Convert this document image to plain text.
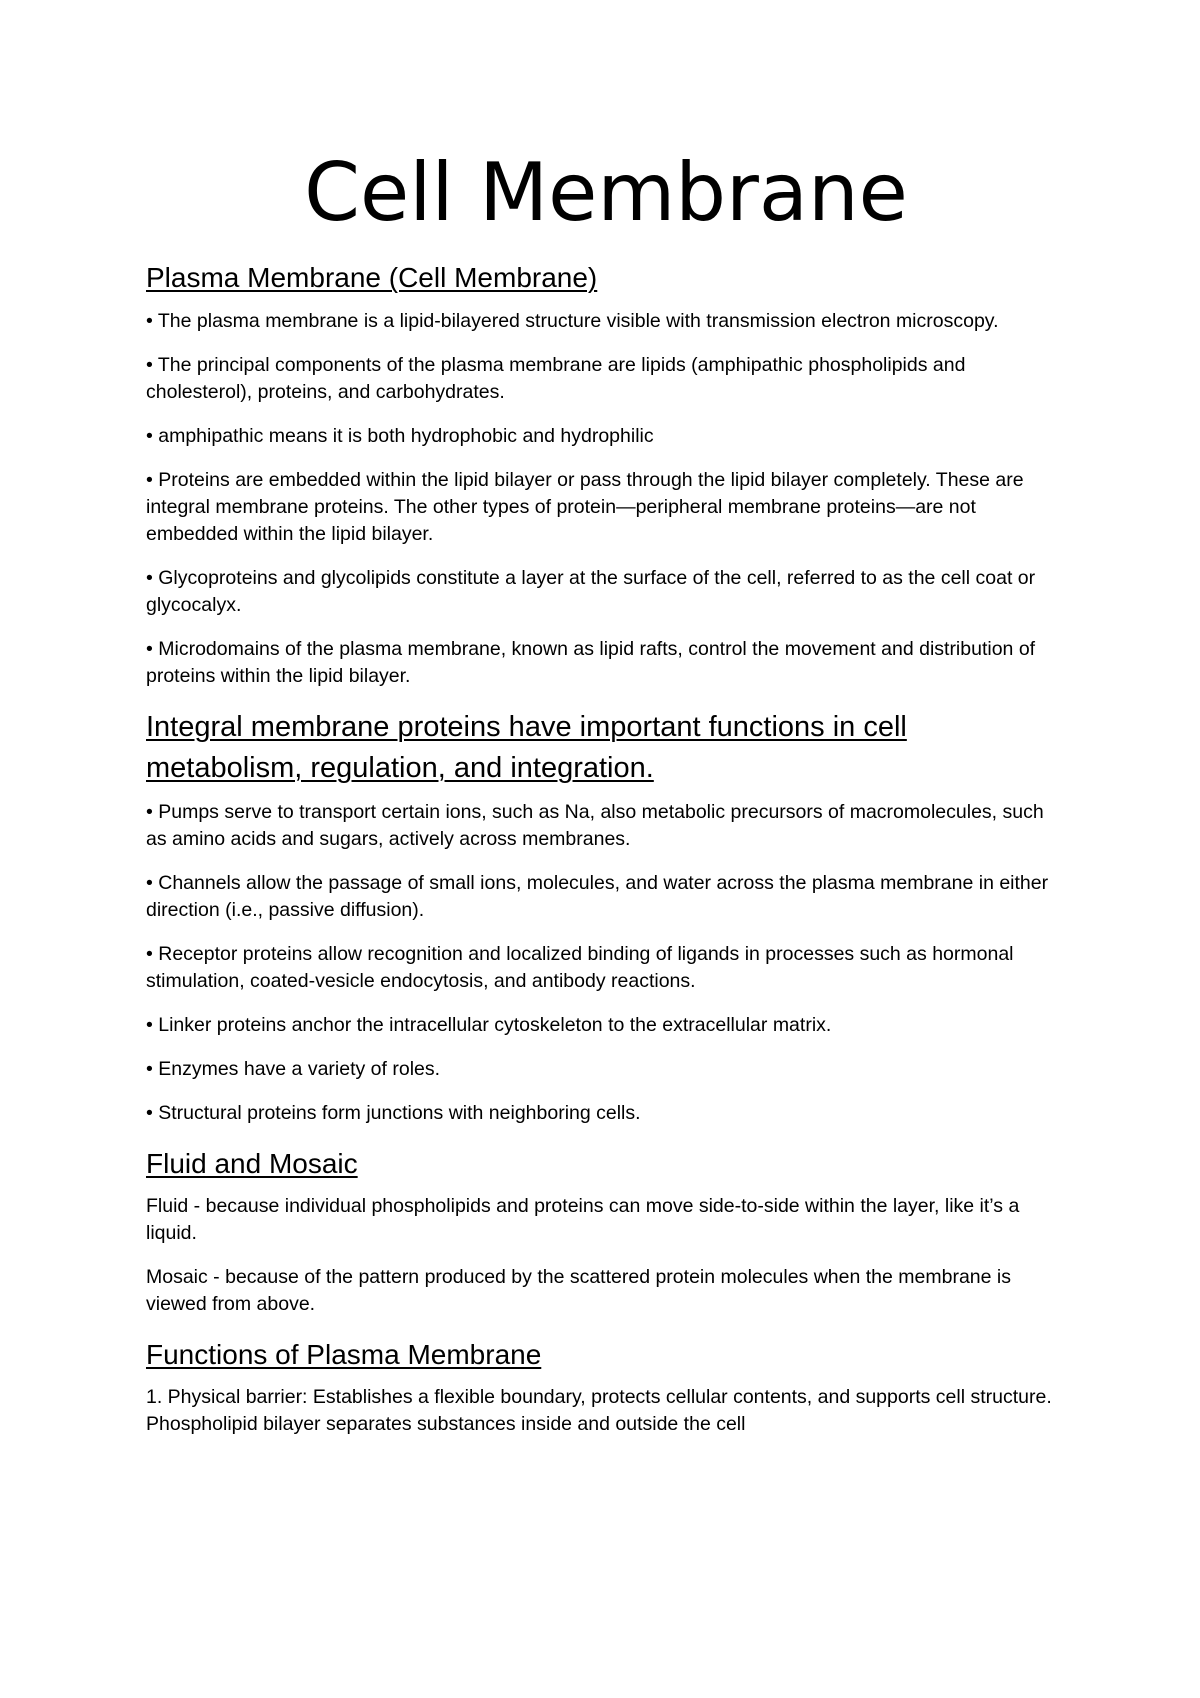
Cell Membrane
Plasma Membrane (Cell Membrane)

• The plasma membrane is a lipid-bilayered structure visible with transmission electron microscopy.

• The principal components of the plasma membrane are lipids (amphipathic phospholipids and cholesterol), proteins, and carbohydrates.

• amphipathic means it is both hydrophobic and hydrophilic

• Proteins are embedded within the lipid bilayer or pass through the lipid bilayer completely. These are integral membrane proteins. The other types of protein—peripheral membrane proteins—are not embedded within the lipid bilayer.

• Glycoproteins and glycolipids constitute a layer at the surface of the cell, referred to as the cell coat or glycocalyx.

• Microdomains of the plasma membrane, known as lipid rafts, control the movement and distribution of proteins within the lipid bilayer.

Integral membrane proteins have important functions in cell metabolism, regulation, and integration.

• Pumps serve to transport certain ions, such as Na, also metabolic precursors of macromolecules, such as amino acids and sugars, actively across membranes.

• Channels allow the passage of small ions, molecules, and water across the plasma membrane in either direction (i.e., passive diffusion).

• Receptor proteins allow recognition and localized binding of ligands in processes such as hormonal stimulation, coated-vesicle endocytosis, and antibody reactions.

• Linker proteins anchor the intracellular cytoskeleton to the extracellular matrix.

• Enzymes have a variety of roles.

• Structural proteins form junctions with neighboring cells.

Fluid and Mosaic

Fluid - because individual phospholipids and proteins can move side-to-side within the layer, like it’s a liquid.

Mosaic - because of the pattern produced by the scattered protein molecules when the membrane is viewed from above.

Functions of Plasma Membrane

1. Physical barrier: Establishes a flexible boundary, protects cellular contents, and supports cell structure. Phospholipid bilayer separates substances inside and outside the cell
